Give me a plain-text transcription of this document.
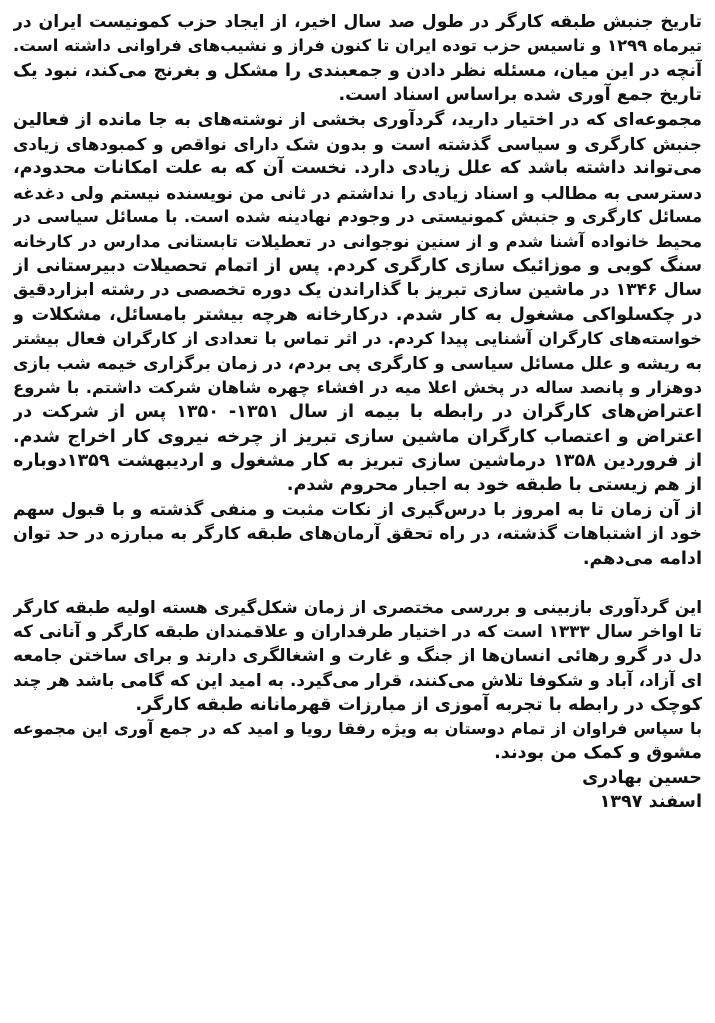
تاریخ جنبش طبقه کارگر در طول صد سال اخیر، از ایجاد حزب کمونیست ایران در
تیرماه ۱۲۹۹ و تاسیس حزب توده ایران تا کنون فراز و نشیب‌های فراوانی داشته است.
آنچه در این میان، مسئله نظر دادن و جمعبندی را مشکل و بغرنج می‌کند، نبود یک
تاریخ جمع آوری شده براساس اسناد است.
مجموعه‌ای که در اختیار دارید، گردآوری بخشی از نوشته‌های به جا مانده از فعالین
جنبش کارگری و سیاسی گذشته است و بدون شک دارای نواقص و کمبودهای زیادی
می‌تواند داشته باشد که علل زیادی دارد. نخست آن که به علت امکانات محدودم،
دسترسی به مطالب و اسناد زیادی را نداشتم در ثانی من نویسنده نیستم ولی دغدغه
مسائل کارگری و جنبش کمونیستی در وجودم نهادینه شده است. با مسائل سیاسی در
محیط خانواده آشنا شدم و از سنین نوجوانی در تعطیلات تابستانی مدارس در کارخانه
سنگ کوبی و موزائیک سازی کارگری کردم. پس از اتمام تحصیلات دبیرستانی از
سال ۱۳۴۶ در ماشین سازی تبریز با گذاراندن یک دوره تخصصی در رشته ابزاردقیق
در چکسلواکی مشغول به کار شدم. درکارخانه هرچه بیشتر بامسائل، مشکلات و
خواسته‌های کارگران آشنایی پیدا کردم. در اثر تماس با تعدادی از کارگران فعال بیشتر
به ریشه و علل مسائل سیاسی و کارگری پی بردم، در زمان برگزاری خیمه شب بازی
دوهزار و پانصد ساله در پخش اعلا میه در افشاء چهره شاهان شرکت داشتم. با شروع
اعتراض‌های کارگران در رابطه با بیمه از سال ۱۳۵۱- ۱۳۵۰ پس از شرکت در
اعتراض و اعتصاب کارگران ماشین سازی تبریز از چرخه نیروی کار اخراج شدم.
از فروردین ۱۳۵۸ درماشین سازی تبریز به کار مشغول و اردیبهشت ۱۳۵۹دوباره
از هم زیستی با طبقه خود به اجبار محروم شدم.
از آن زمان تا به امروز با درس‌گیری از نکات مثبت و منفی گذشته و با قبول سهم
خود از اشتباهات گذشته، در راه تحقق آرمان‌های طبقه کارگر به مبارزه در حد توان
ادامه می‌دهم.
این گردآوری بازبینی و بررسی مختصری از زمان شکل‌گیری هسته اولیه طبقه کارگر
تا اواخر سال ۱۳۳۳ است که در اختیار طرفداران و علاقمندان طبقه کارگر و آنانی که
دل در گرو رهائی انسان‌ها از جنگ و غارت و اشغالگری دارند و برای ساختن جامعه
ای آزاد، آباد و شکوفا تلاش می‌کنند، قرار می‌گیرد. به امید این که گامی باشد هر چند
کوچک در رابطه با تجربه آموزی از مبارزات قهرمانانه طبقه کارگر.
با سپاس فراوان از تمام دوستان به ویژه رفقا رویا و امید که در جمع آوری این مجموعه
مشوق و کمک من بودند.
حسین بهادری
اسفند ۱۳۹۷
